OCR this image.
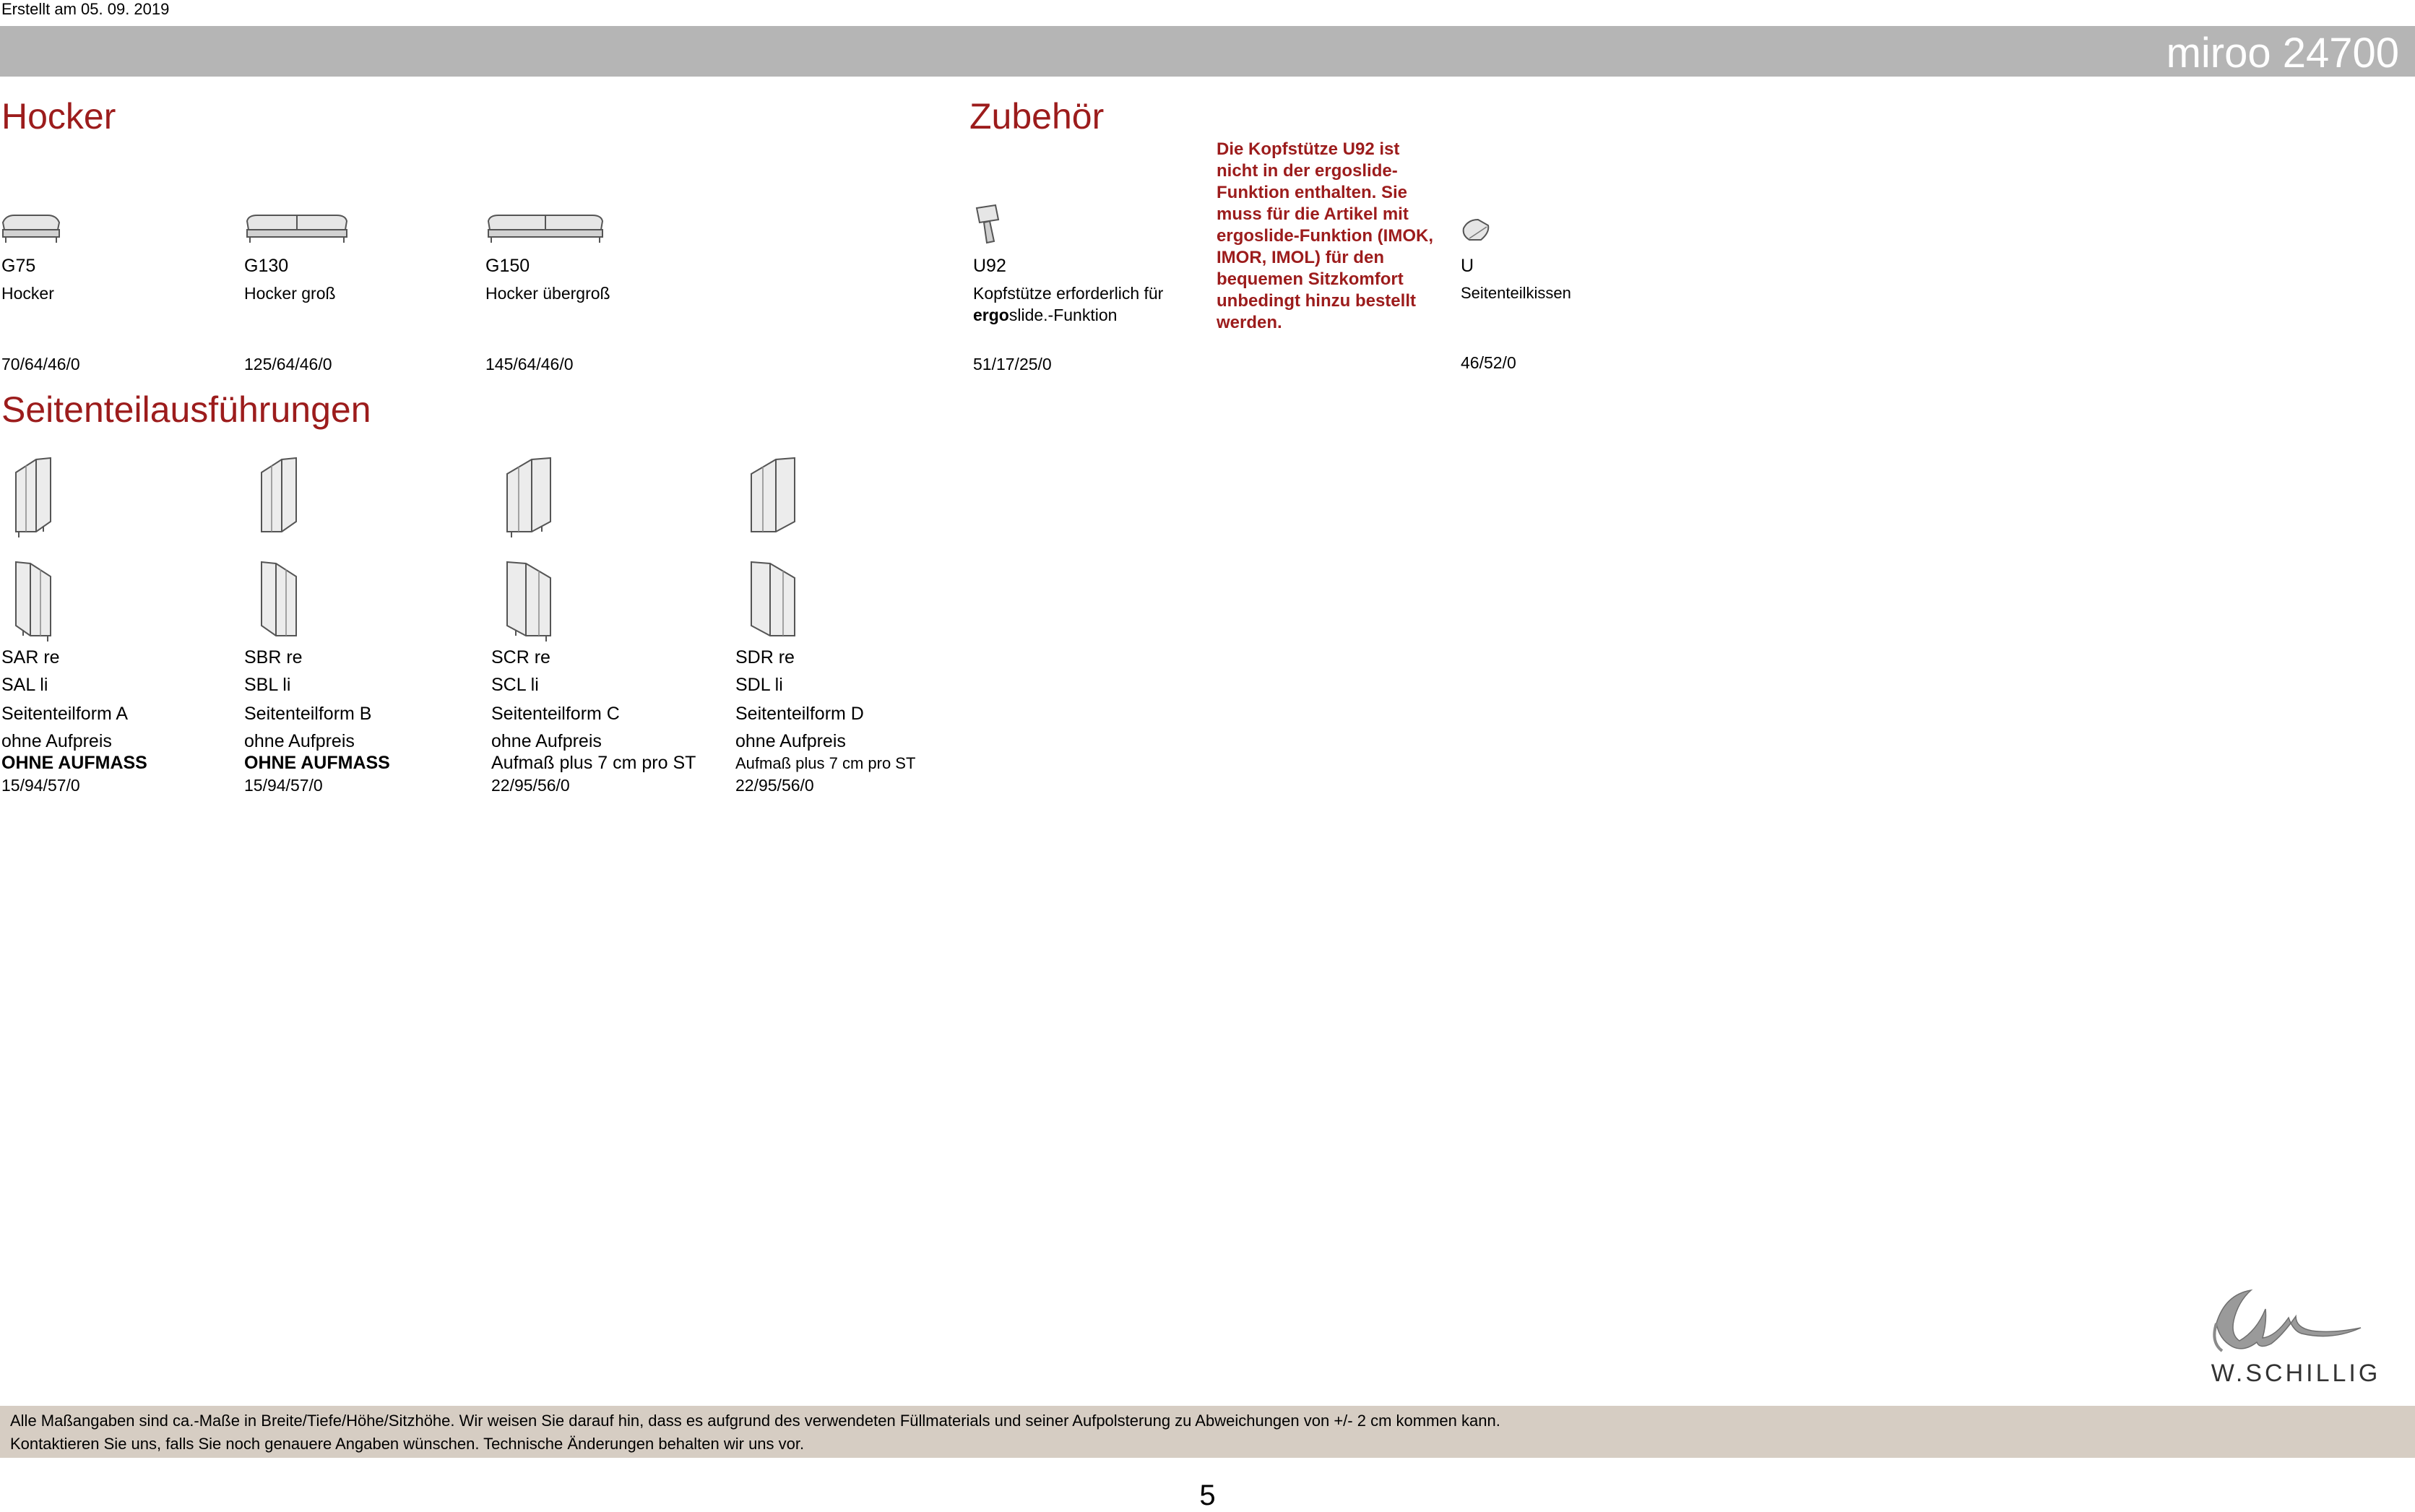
Erstellt am 05. 09. 2019
miroo 24700
Hocker
G75
Hocker
70/64/46/0
G130
Hocker groß
125/64/46/0
G150
Hocker übergroß
145/64/46/0
Zubehör
U92
Kopfstütze erforderlich für
ergoslide.-Funktion
51/17/25/0
Die Kopfstütze U92 ist nicht in der ergoslide-Funktion enthalten. Sie muss für die Artikel mit ergoslide-Funktion (IMOK, IMOR, IMOL) für den bequemen Sitzkomfort unbedingt hinzu bestellt werden.
U
Seitenteilkissen
46/52/0
Seitenteilausführungen
SAR re
SAL li
Seitenteilform A
ohne Aufpreis
OHNE AUFMASS
15/94/57/0
SBR re
SBL li
Seitenteilform B
ohne Aufpreis
OHNE AUFMASS
15/94/57/0
SCR re
SCL li
Seitenteilform C
ohne Aufpreis
Aufmaß plus 7 cm pro ST
22/95/56/0
SDR re
SDL li
Seitenteilform D
ohne Aufpreis
Aufmaß plus 7 cm pro ST
22/95/56/0
W.SCHILLIG
Alle Maßangaben sind ca.-Maße in Breite/Tiefe/Höhe/Sitzhöhe. Wir weisen Sie darauf hin, dass es aufgrund des verwendeten Füllmaterials und seiner Aufpolsterung zu Abweichungen von +/- 2 cm kommen kann.
Kontaktieren Sie uns, falls Sie noch genauere Angaben wünschen. Technische Änderungen behalten wir uns vor.
5
